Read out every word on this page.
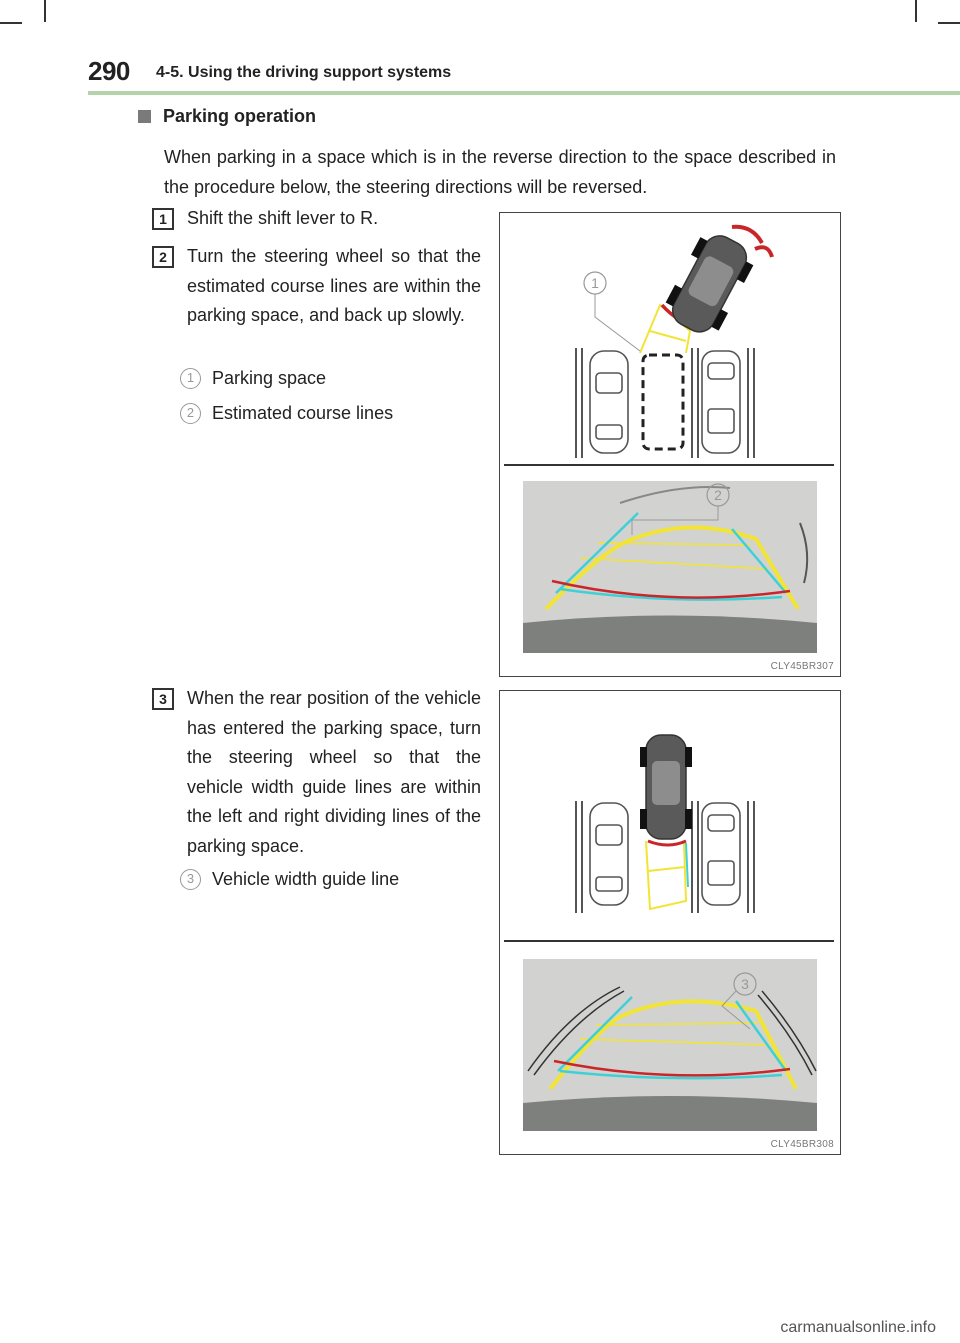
290 4-5. Using the driving support systems
Parking operation
When parking in a space which is in the reverse direction to the space described in the procedure below, the steering directions will be reversed.
1	Shift the shift lever to R.
2	Turn the steering wheel so that the estimated course lines are within the parking space, and back up slowly.
1 Parking space
2 Estimated course lines
3	When the rear position of the vehicle has entered the parking space, turn the steering wheel so that the vehicle width guide lines are within the left and right dividing lines of the parking space.
3 Vehicle width guide line
1
2
CLY45BR307
3
CLY45BR308
carmanualsonline.info
